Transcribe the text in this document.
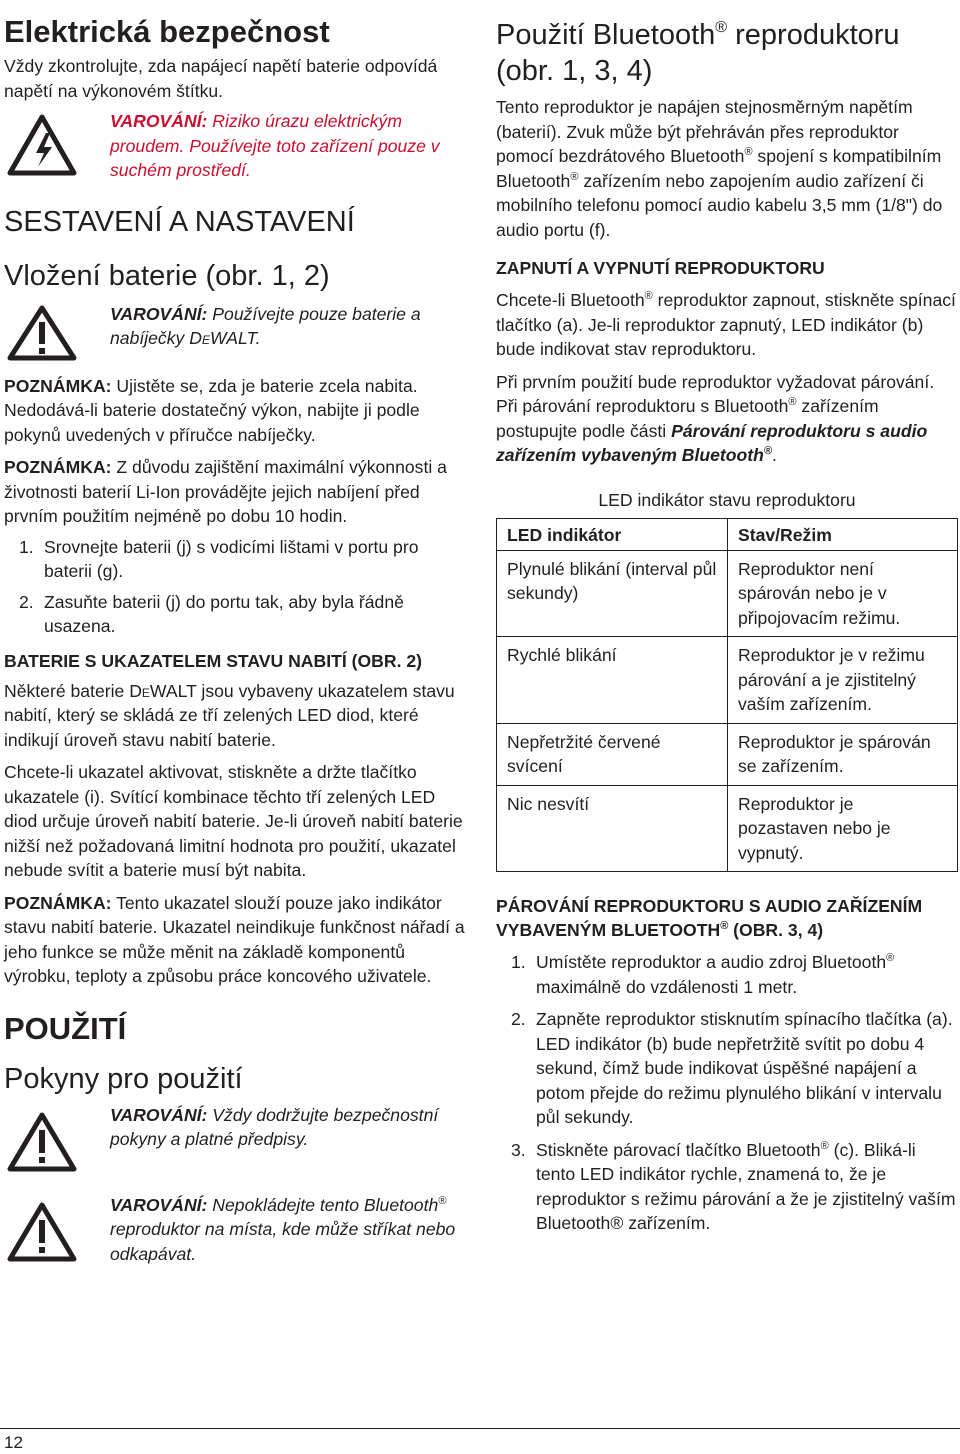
Elektrická bezpečnost

Vždy zkontrolujte, zda napájecí napětí baterie odpovídá napětí na výkonovém štítku.

VAROVÁNÍ: Riziko úrazu elektrickým proudem. Používejte toto zařízení pouze v suchém prostředí.

SESTAVENÍ A NASTAVENÍ
Vložení baterie (obr. 1, 2)

VAROVÁNÍ: Používejte pouze baterie a nabíječky DeWALT.

POZNÁMKA: Ujistěte se, zda je baterie zcela nabita. Nedodává-li baterie dostatečný výkon, nabijte ji podle pokynů uvedených v příručce nabíječky.

POZNÁMKA: Z důvodu zajištění maximální výkonnosti a životnosti baterií Li-Ion provádějte jejich nabíjení před prvním použitím nejméně po dobu 10 hodin.

1. Srovnejte baterii (j) s vodicími lištami v portu pro baterii (g).
2. Zasuňte baterii (j) do portu tak, aby byla řádně usazena.
BATERIE S UKAZATELEM STAVU NABITÍ (OBR. 2)

Některé baterie DeWALT jsou vybaveny ukazatelem stavu nabití, který se skládá ze tří zelených LED diod, které indikují úroveň stavu nabití baterie.

Chcete-li ukazatel aktivovat, stiskněte a držte tlačítko ukazatele (i). Svítící kombinace těchto tří zelených LED diod určuje úroveň nabití baterie. Je-li úroveň nabití baterie nižší než požadovaná limitní hodnota pro použití, ukazatel nebude svítit a baterie musí být nabita.

POZNÁMKA: Tento ukazatel slouží pouze jako indikátor stavu nabití baterie. Ukazatel neindikuje funkčnost nářadí a jeho funkce se může měnit na základě komponentů výrobku, teploty a způsobu práce koncového uživatele.

POUŽITÍ
Pokyny pro použití

VAROVÁNÍ: Vždy dodržujte bezpečnostní pokyny a platné předpisy.

VAROVÁNÍ: Nepokládejte tento Bluetooth® reproduktor na místa, kde může stříkat nebo odkapávat.

Použití Bluetooth® reproduktoru (obr. 1, 3, 4)

Tento reproduktor je napájen stejnosměrným napětím (baterií). Zvuk může být přehráván přes reproduktor pomocí bezdrátového Bluetooth® spojení s kompatibilním Bluetooth® zařízením nebo zapojením audio zařízení či mobilního telefonu pomocí audio kabelu 3,5 mm (1/8") do audio portu (f).

ZAPNUTÍ A VYPNUTÍ REPRODUKTORU

Chcete-li Bluetooth® reproduktor zapnout, stiskněte spínací tlačítko (a). Je-li reproduktor zapnutý, LED indikátor (b) bude indikovat stav reproduktoru.

Při prvním použití bude reproduktor vyžadovat párování. Při párování reproduktoru s Bluetooth® zařízením postupujte podle části Párování reproduktoru s audio zařízením vybaveným Bluetooth®.

LED indikátor stavu reproduktoru

LED indikátor	Stav/Režim
Plynulé blikání (interval půl sekundy)	Reproduktor není spárován nebo je v připojovacím režimu.
Rychlé blikání	Reproduktor je v režimu párování a je zjistitelný vaším zařízením.
Nepřetržité červené svícení	Reproduktor je spárován se zařízením.
Nic nesvítí	Reproduktor je pozastaven nebo je vypnutý.
PÁROVÁNÍ REPRODUKTORU S AUDIO ZAŘÍZENÍM VYBAVENÝM BLUETOOTH® (OBR. 3, 4)
1. Umístěte reproduktor a audio zdroj Bluetooth® maximálně do vzdálenosti 1 metr.
2. Zapněte reproduktor stisknutím spínacího tlačítka (a). LED indikátor (b) bude nepřetržitě svítit po dobu 4 sekund, čímž bude indikovat úspěšné napájení a potom přejde do režimu plynulého blikání v intervalu půl sekundy.
3. Stiskněte párovací tlačítko Bluetooth® (c). Bliká-li tento LED indikátor rychle, znamená to, že je reproduktor s režimu párování a že je zjistitelný vaším Bluetooth® zařízením.
12
